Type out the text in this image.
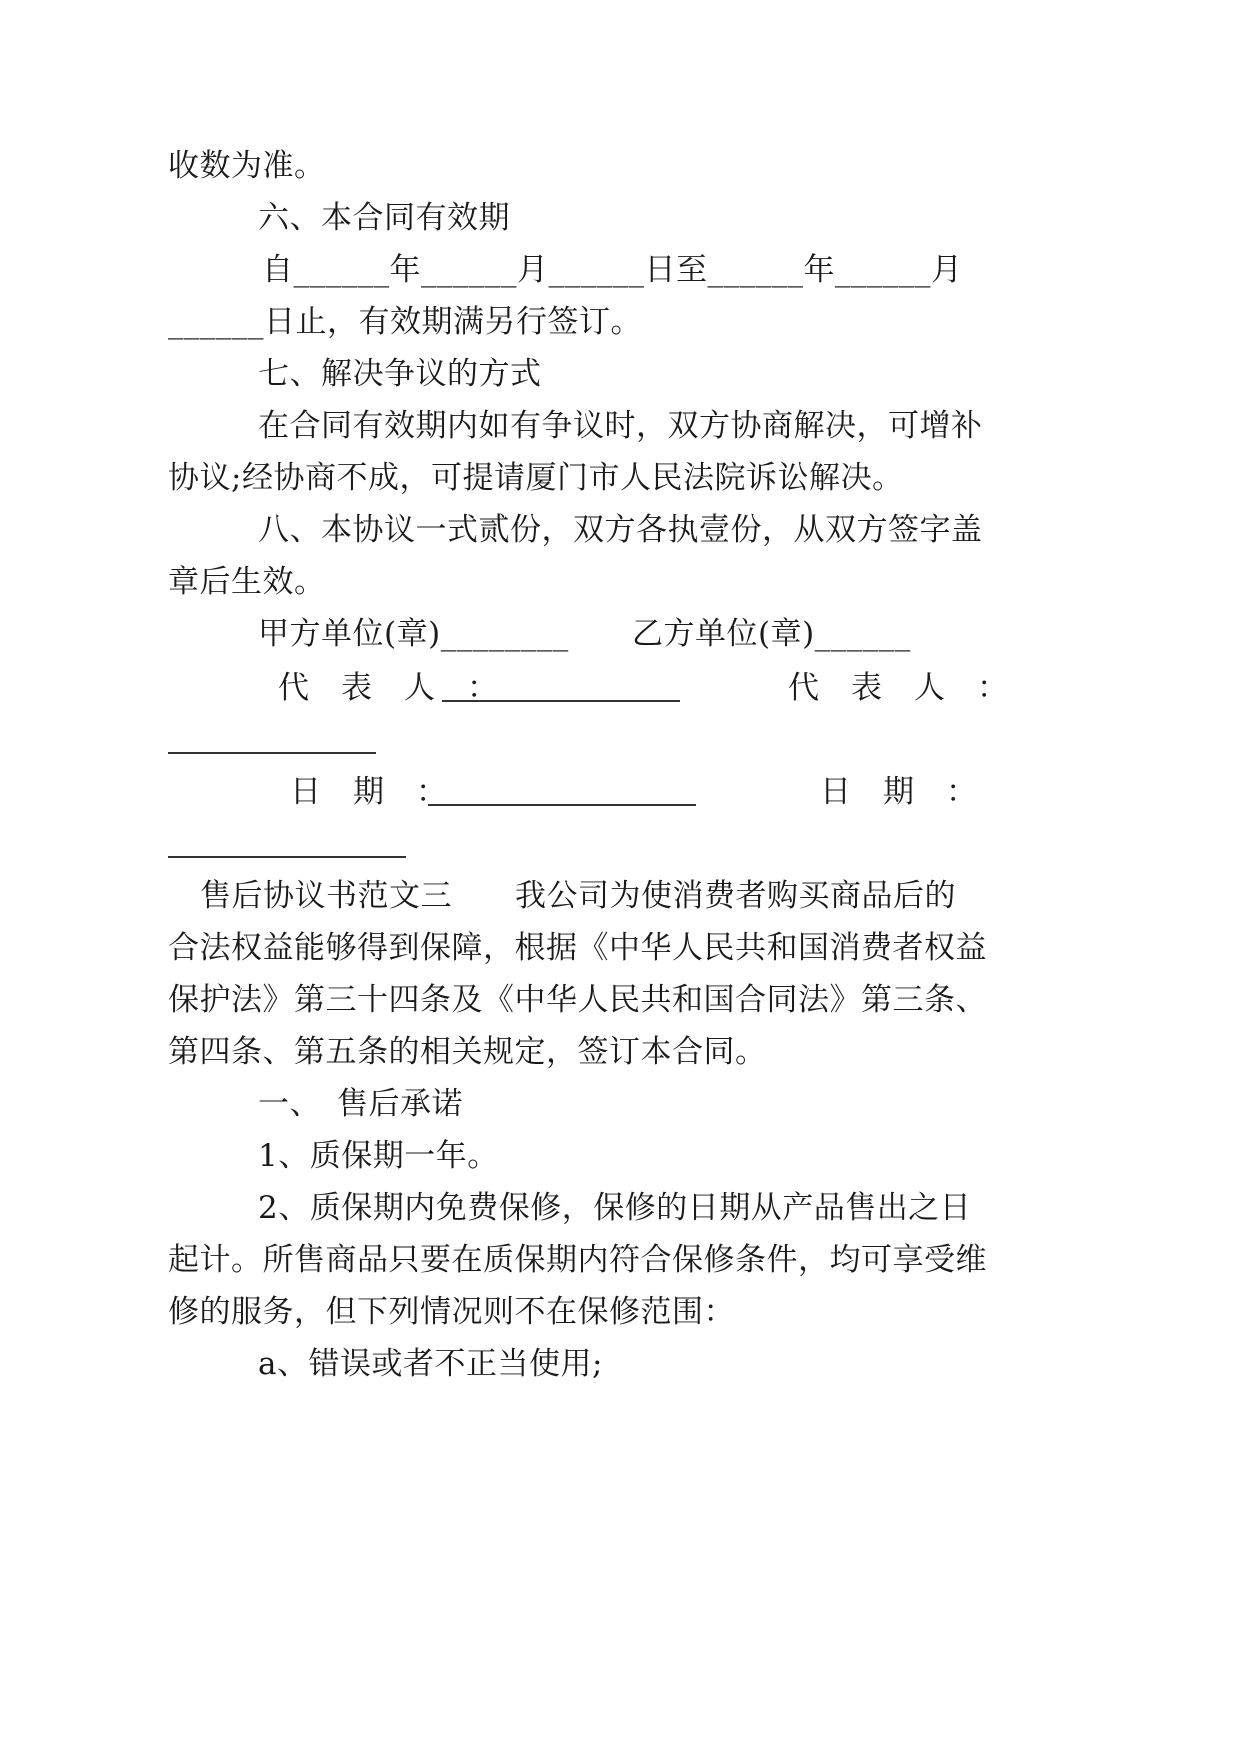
收数为准。
六、本合同有效期
自______年______月______日至______年______月
______日止，有效期满另行签订。
七、解决争议的方式
在合同有效期内如有争议时，双方协商解决，可增补
协议;经协商不成，可提请厦门市人民法院诉讼解决。
八、本协议一式贰份，双方各执壹份，从双方签字盖
章后生效。
甲方单位(章)________ 乙方单位(章)______
代　表　人　：	代　表　人　：
日　期　：	日　期　：
售后协议书范文三　　我公司为使消费者购买商品后的
合法权益能够得到保障，根据《中华人民共和国消费者权益
保护法》第三十四条及《中华人民共和国合同法》第三条、
第四条、第五条的相关规定，签订本合同。
一、　售后承诺
1、质保期一年。
2、质保期内免费保修，保修的日期从产品售出之日
起计。所售商品只要在质保期内符合保修条件，均可享受维
修的服务，但下列情况则不在保修范围：
a、错误或者不正当使用;
